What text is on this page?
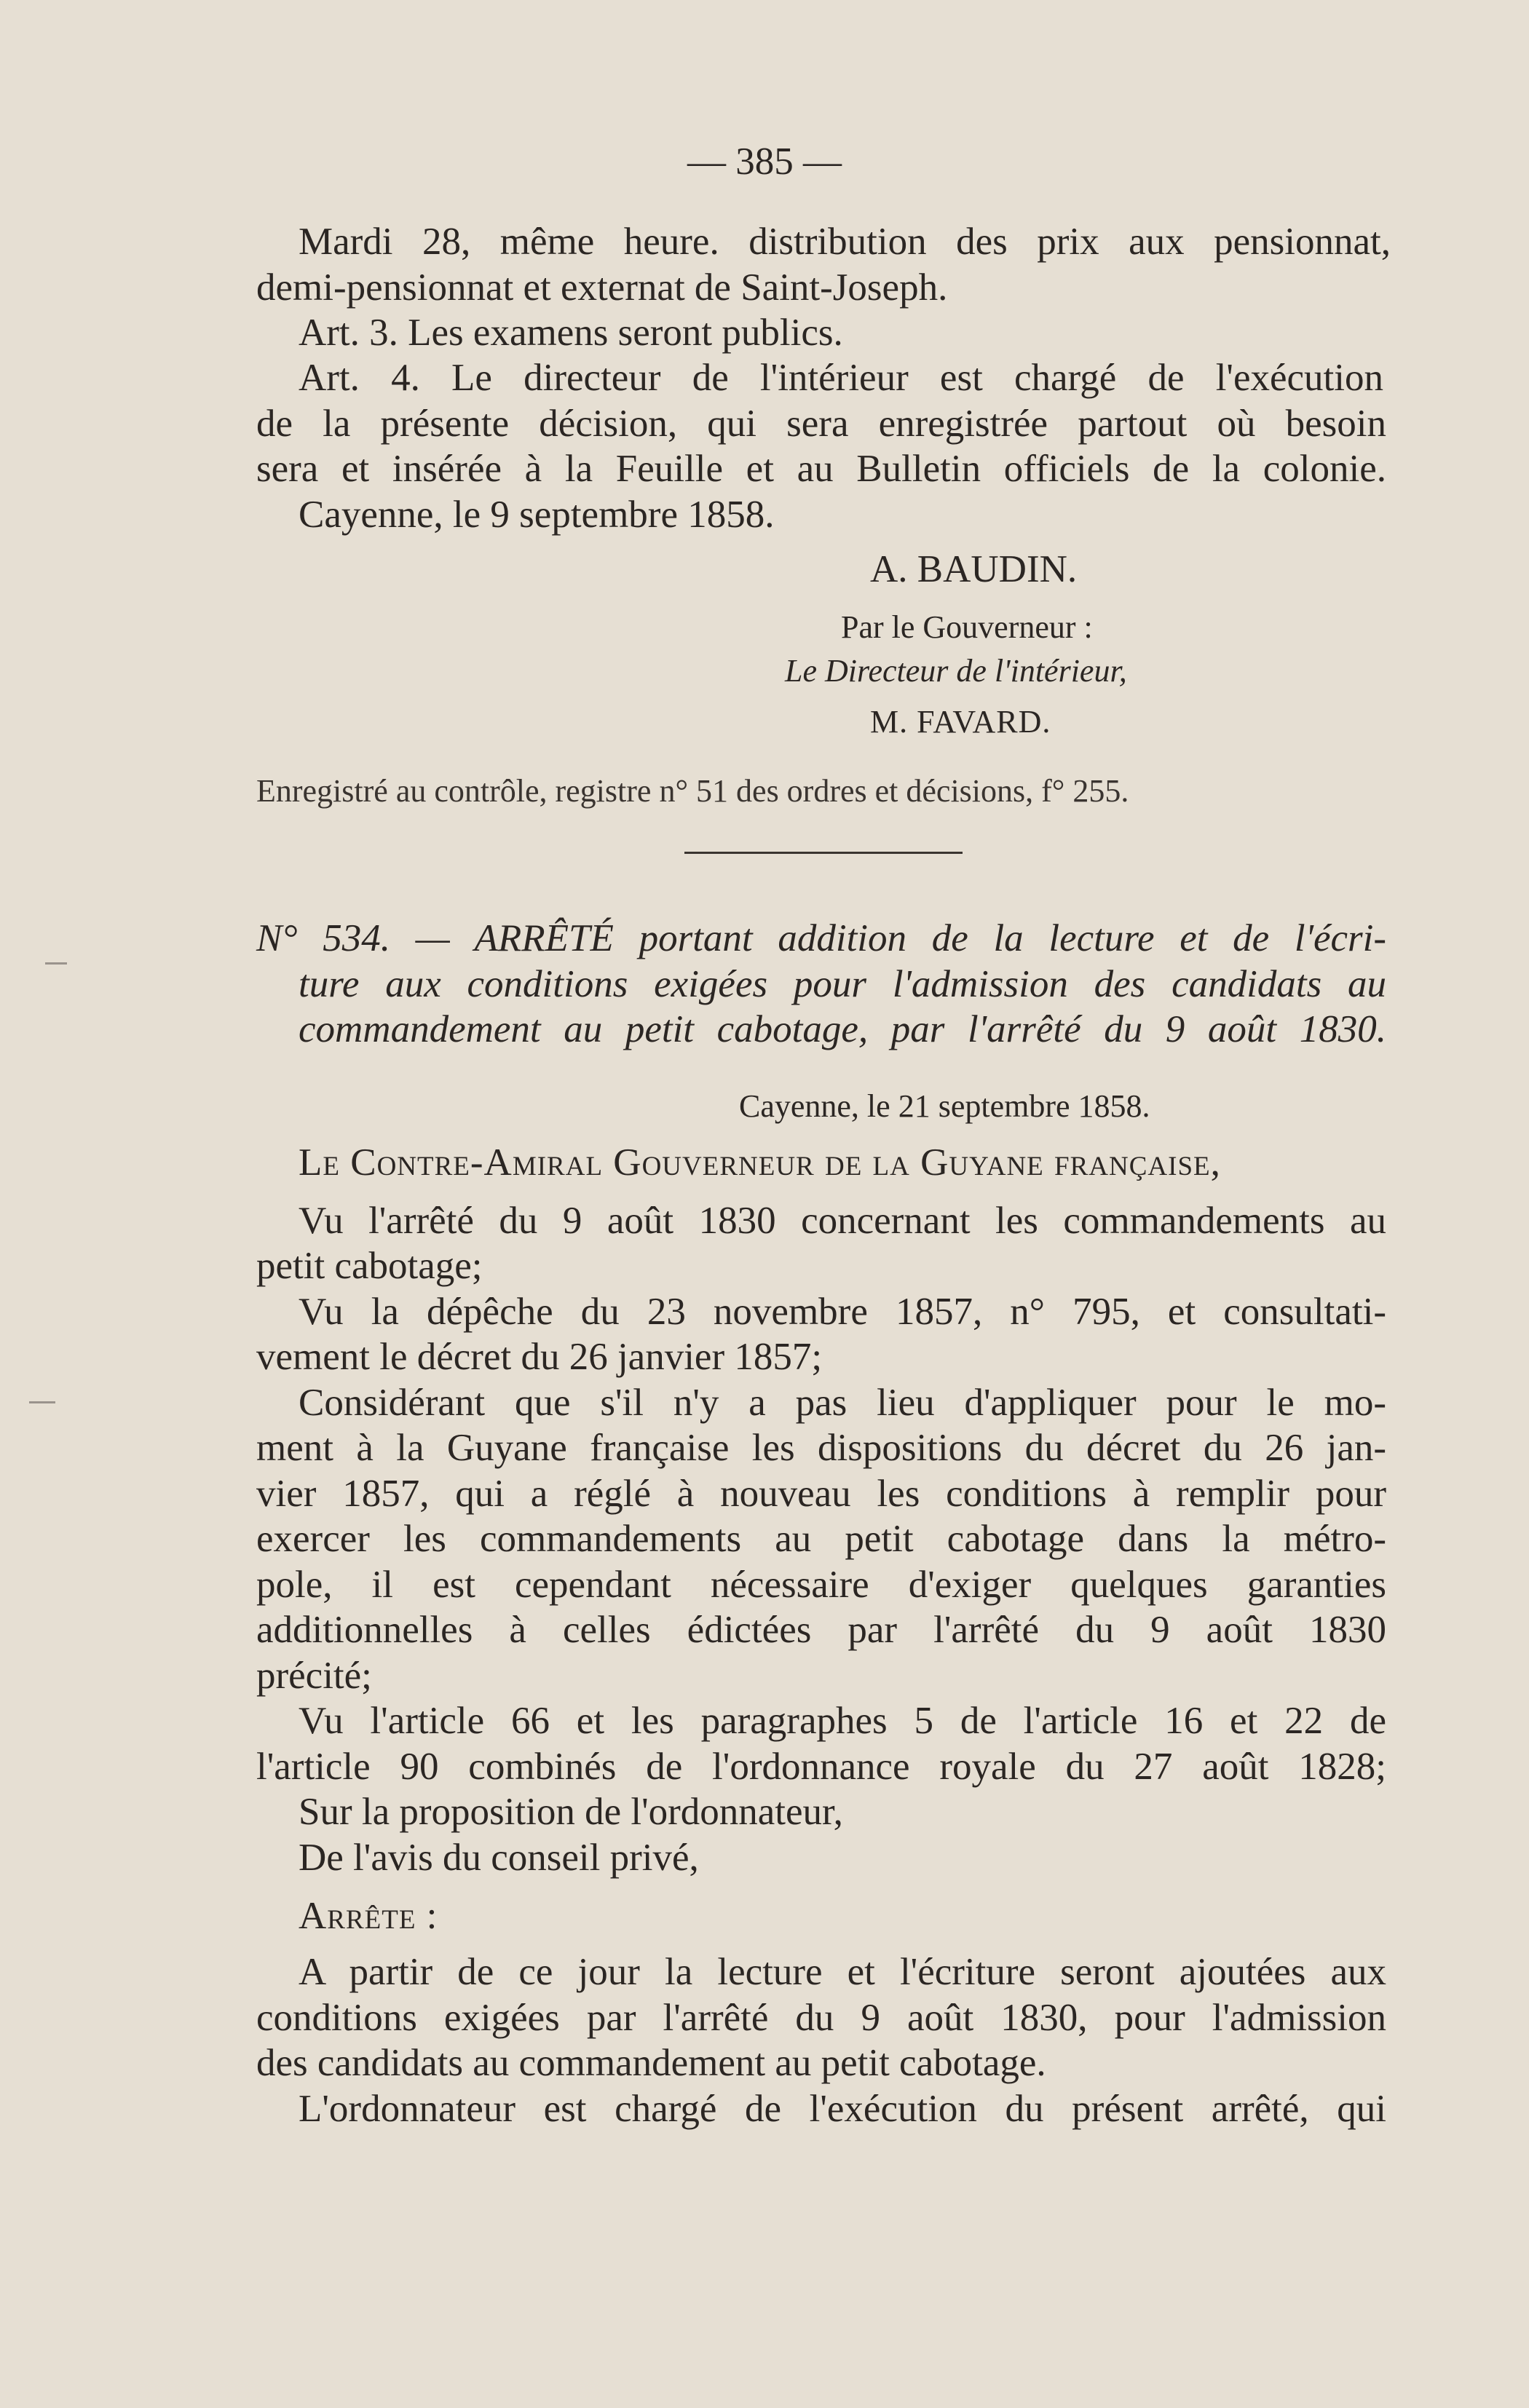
— 385 —
Mardi 28, même heure. distribution des prix aux pensionnat,
demi-pensionnat et externat de Saint-Joseph.
Art. 3. Les examens seront publics.
Art. 4. Le directeur de l'intérieur est chargé de l'exécution
de la présente décision, qui sera enregistrée partout où besoin
sera et insérée à la Feuille et au Bulletin officiels de la colonie.
Cayenne, le 9 septembre 1858.
A. BAUDIN.
Par le Gouverneur :
Le Directeur de l'intérieur,
M. FAVARD.
Enregistré au contrôle, registre n° 51 des ordres et décisions, f° 255.
N° 534. — ARRÊTÉ portant addition de la lecture et de l'écri-
ture aux conditions exigées pour l'admission des candidats au
commandement au petit cabotage, par l'arrêté du 9 août 1830.
Cayenne, le 21 septembre 1858.
Le Contre-Amiral Gouverneur de la Guyane française,
Vu l'arrêté du 9 août 1830 concernant les commandements au
petit cabotage;
Vu la dépêche du 23 novembre 1857, n° 795, et consultati-
vement le décret du 26 janvier 1857;
Considérant que s'il n'y a pas lieu d'appliquer pour le mo-
ment à la Guyane française les dispositions du décret du 26 jan-
vier 1857, qui a réglé à nouveau les conditions à remplir pour
exercer les commandements au petit cabotage dans la métro-
pole, il est cependant nécessaire d'exiger quelques garanties
additionnelles à celles édictées par l'arrêté du 9 août 1830
précité;
Vu l'article 66 et les paragraphes 5 de l'article 16 et 22 de
l'article 90 combinés de l'ordonnance royale du 27 août 1828;
Sur la proposition de l'ordonnateur,
De l'avis du conseil privé,
Arrête :
A partir de ce jour la lecture et l'écriture seront ajoutées aux
conditions exigées par l'arrêté du 9 août 1830, pour l'admission
des candidats au commandement au petit cabotage.
L'ordonnateur est chargé de l'exécution du présent arrêté, qui
